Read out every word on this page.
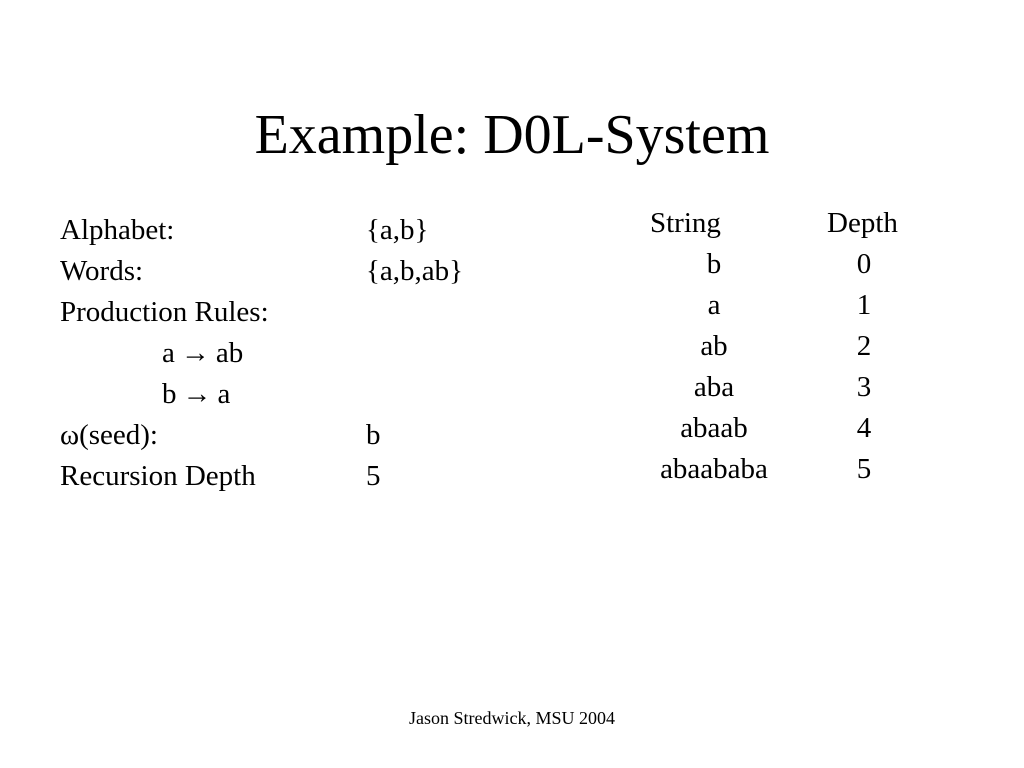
Example: D0L-System
Alphabet:	{a,b}
Words:	{a,b,ab}
Production Rules:
a → ab
b → a
ω(seed):	b
Recursion Depth	5
String	Depth
b	0
a	1
ab	2
aba	3
abaab	4
abaababa	5
Jason Stredwick, MSU 2004
